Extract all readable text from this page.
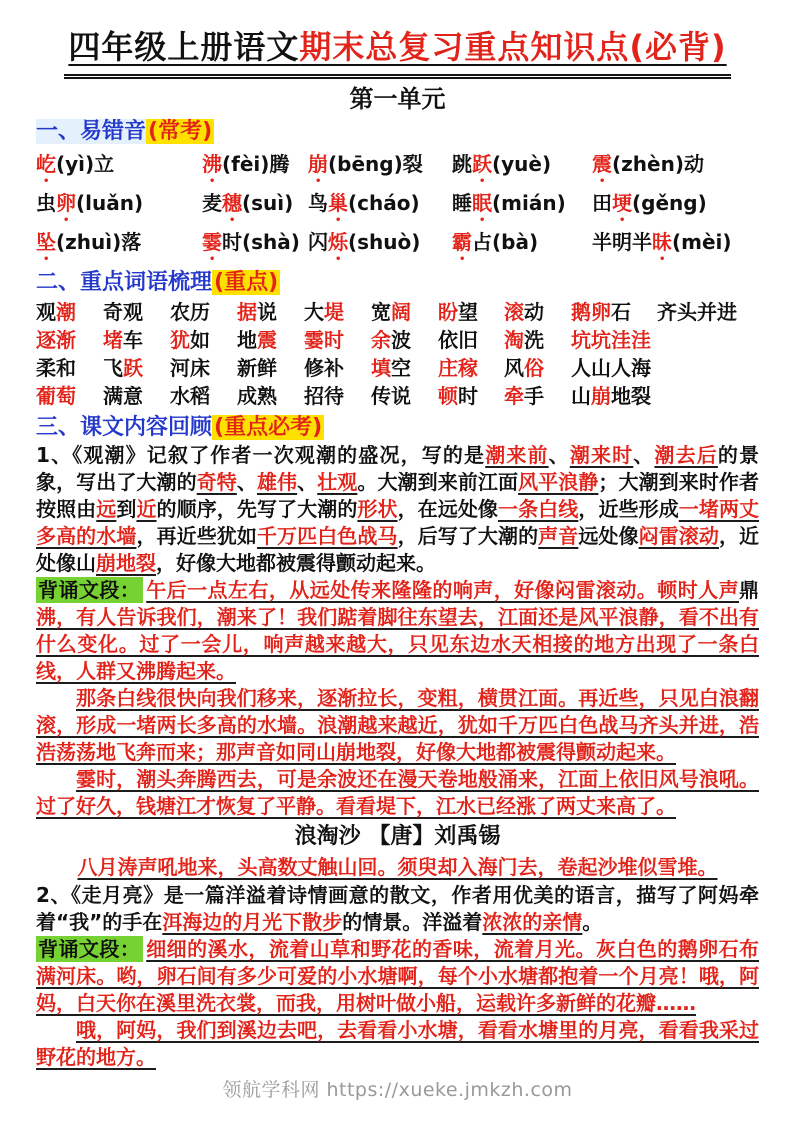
四年级上册语文期末总复习重点知识点(必背)
第一单元
一、易错音(常考)
屹(yì)立	沸(fèi)腾 崩(bēng)裂	跳跃(yuè)	震(zhèn)动
虫卵(luǎn)	麦穗(suì) 鸟巢(cháo)	睡眠(mián)	田埂(gěng)
坠(zhuì)落	霎时(shà) 闪烁(shuò)	霸占(bà)	半明半昧(mèi)
二、重点词语梳理(重点)
观潮	奇观	农历	据说	大堤	宽阔	盼望	滚动	鹅卵石	齐头并进
逐渐	堵车	犹如	地震	霎时	余波	依旧	淘洗	坑坑洼洼
柔和	飞跃	河床	新鲜	修补	填空	庄稼	风俗	人山人海
葡萄	满意	水稻	成熟	招待	传说	顿时	牵手	山崩地裂
三、课文内容回顾(重点必考)

1、《观潮》记叙了作者一次观潮的盛况，写的是潮来前、潮来时、潮去后的景象，写出了大潮的奇特、雄伟、壮观。大潮到来前江面风平浪静；大潮到来时作者按照由远到近的顺序，先写了大潮的形状，在远处像一条白线，近些形成一堵两丈多高的水墙，再近些犹如千万匹白色战马，后写了大潮的声音远处像闷雷滚动，近处像山崩地裂，好像大地都被震得颤动起来。

背诵文段： 午后一点左右，从远处传来隆隆的响声，好像闷雷滚动。顿时人声鼎沸，有人告诉我们，潮来了！我们踮着脚往东望去，江面还是风平浪静，看不出有什么变化。过了一会儿，响声越来越大，只见东边水天相接的地方出现了一条白线，人群又沸腾起来。

那条白线很快向我们移来，逐渐拉长，变粗，横贯江面。再近些，只见白浪翻滚，形成一堵两长多高的水墙。浪潮越来越近，犹如千万匹白色战马齐头并进，浩浩荡荡地飞奔而来；那声音如同山崩地裂，好像大地都被震得颤动起来。

霎时，潮头奔腾西去，可是余波还在漫天卷地般涌来，江面上依旧风号浪吼。过了好久，钱塘江才恢复了平静。看看堤下，江水已经涨了两丈来高了。

浪淘沙 【唐】刘禹锡
八月涛声吼地来，头高数丈触山回。须臾却入海门去，卷起沙堆似雪堆。

2、《走月亮》是一篇洋溢着诗情画意的散文，作者用优美的语言，描写了阿妈牵着“我”的手在洱海边的月光下散步的情景。洋溢着浓浓的亲情。

背诵文段： 细细的溪水，流着山草和野花的香味，流着月光。灰白色的鹅卵石布满河床。哟，卵石间有多少可爱的小水塘啊，每个小水塘都抱着一个月亮！哦，阿妈，白天你在溪里洗衣裳，而我，用树叶做小船，运载许多新鲜的花瓣……

哦，阿妈，我们到溪边去吧，去看看小水塘，看看水塘里的月亮，看看我采过野花的地方。

领航学科网 https://xueke.jmkzh.com
